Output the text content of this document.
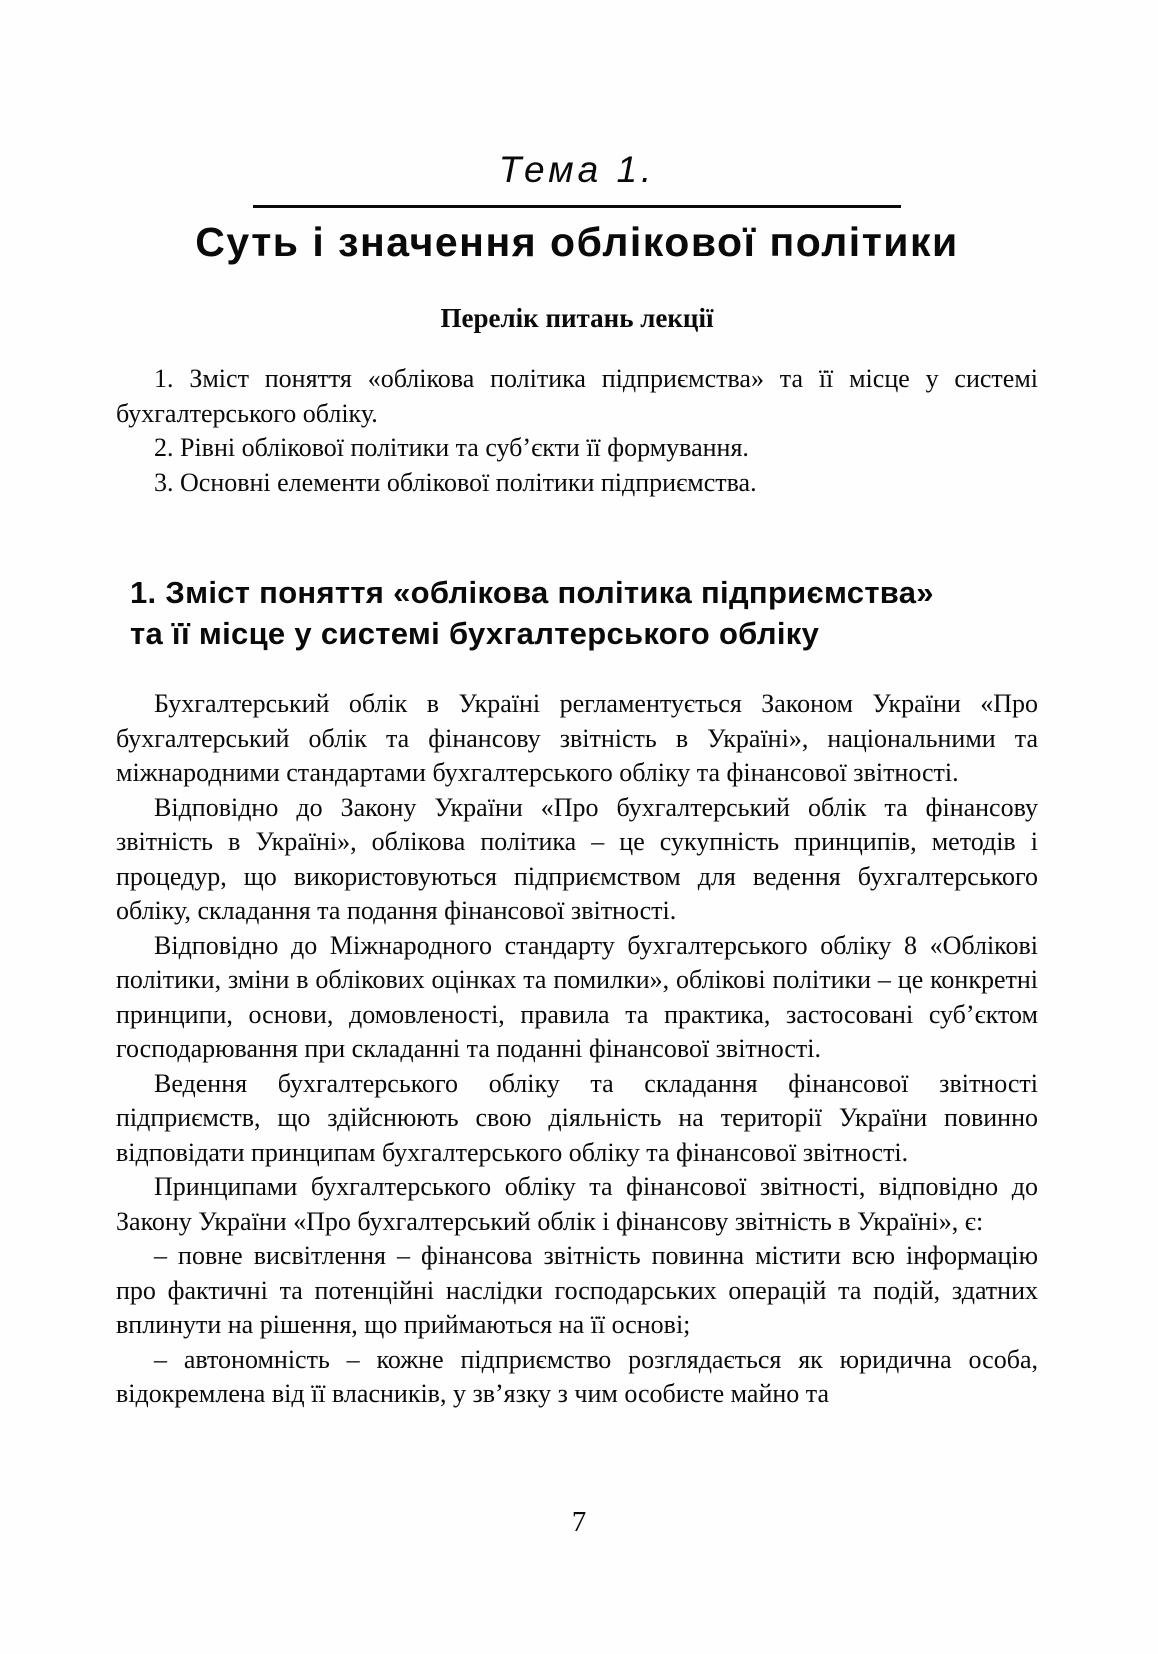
Тема 1.
Суть і значення облікової політики
Перелік питань лекції

1. Зміст поняття «облікова політика підприємства» та її місце у системі бухгалтерського обліку.

2. Рівні облікової політики та суб’єкти її формування.

3. Основні елементи облікової політики підприємства.

1. Зміст поняття «облікова політика підприємства»
та її місце у системі бухгалтерського обліку

Бухгалтерський облік в Україні регламентується Законом України «Про бухгалтерський облік та фінансову звітність в Україні», національними та міжнародними стандартами бухгалтерського обліку та фінансової звітності.

Відповідно до Закону України «Про бухгалтерський облік та фінансову звітність в Україні», облікова політика – це сукупність принципів, методів і процедур, що використовуються підприємством для ведення бухгалтерського обліку, складання та подання фінансової звітності.

Відповідно до Міжнародного стандарту бухгалтерського обліку 8 «Облікові політики, зміни в облікових оцінках та помилки», облікові політики – це конкретні принципи, основи, домовленості, правила та практика, застосовані суб’єктом господарювання при складанні та поданні фінансової звітності.

Ведення бухгалтерського обліку та складання фінансової звітності підприємств, що здійснюють свою діяльність на території України повинно відповідати принципам бухгалтерського обліку та фінансової звітності.

Принципами бухгалтерського обліку та фінансової звітності, відповідно до Закону України «Про бухгалтерський облік і фінансову звітність в Україні», є:

– повне висвітлення – фінансова звітність повинна містити всю інформацію про фактичні та потенційні наслідки господарських операцій та подій, здатних вплинути на рішення, що приймаються на її основі;

– автономність – кожне підприємство розглядається як юридична особа, відокремлена від її власників, у зв’язку з чим особисте майно та

7
